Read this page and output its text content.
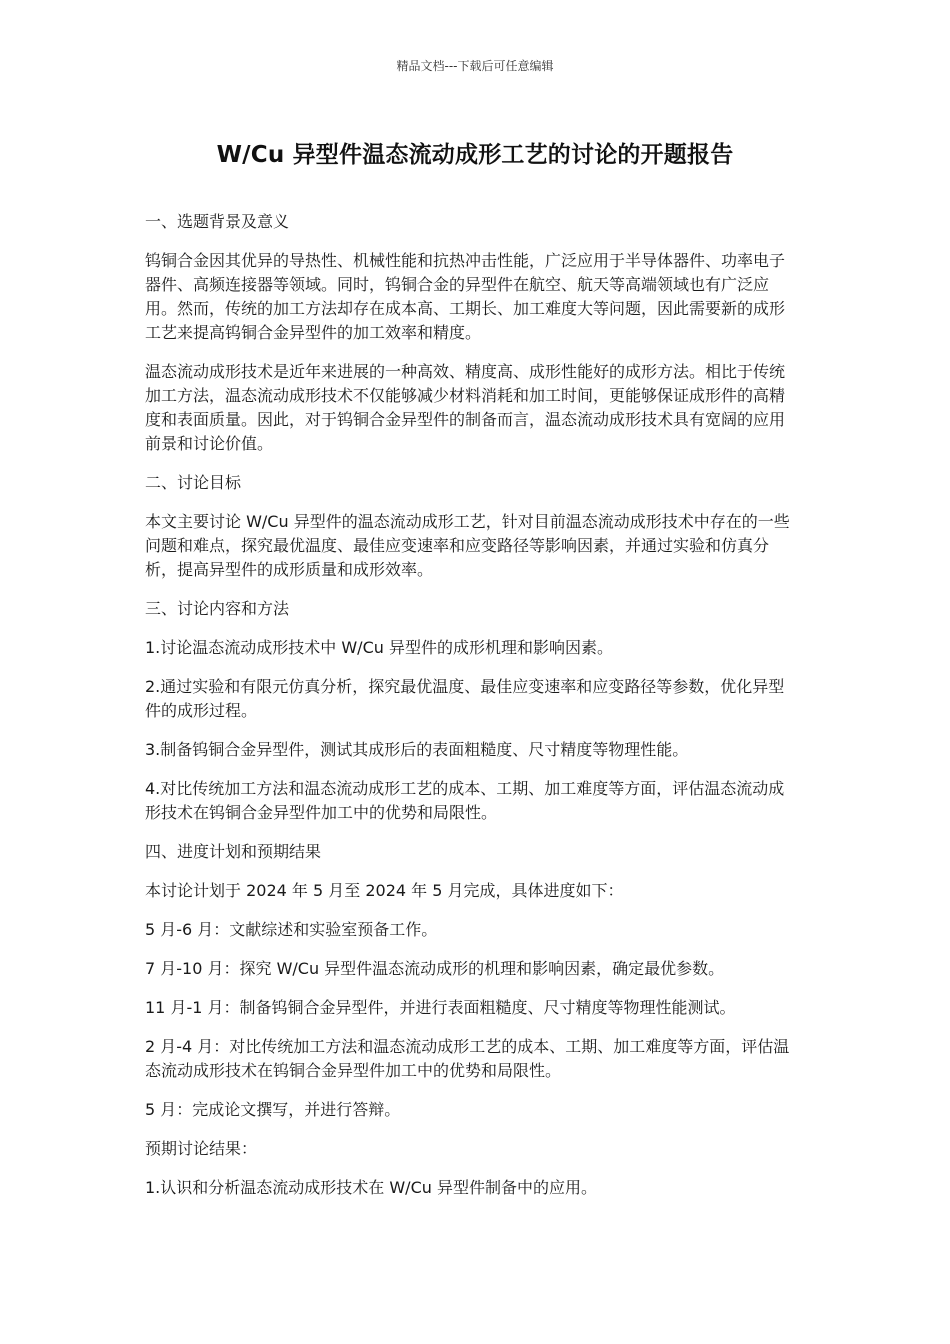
精品文档---下载后可任意编辑
W/Cu 异型件温态流动成形工艺的讨论的开题报告

一、选题背景及意义

钨铜合金因其优异的导热性、机械性能和抗热冲击性能，广泛应用于半导体器件、功率电子器件、高频连接器等领域。同时，钨铜合金的异型件在航空、航天等高端领域也有广泛应用。然而，传统的加工方法却存在成本高、工期长、加工难度大等问题，因此需要新的成形工艺来提高钨铜合金异型件的加工效率和精度。

温态流动成形技术是近年来进展的一种高效、精度高、成形性能好的成形方法。相比于传统加工方法，温态流动成形技术不仅能够减少材料消耗和加工时间，更能够保证成形件的高精度和表面质量。因此，对于钨铜合金异型件的制备而言，温态流动成形技术具有宽阔的应用前景和讨论价值。

二、讨论目标

本文主要讨论 W/Cu 异型件的温态流动成形工艺，针对目前温态流动成形技术中存在的一些问题和难点，探究最优温度、最佳应变速率和应变路径等影响因素，并通过实验和仿真分析，提高异型件的成形质量和成形效率。

三、讨论内容和方法

1.讨论温态流动成形技术中 W/Cu 异型件的成形机理和影响因素。

2.通过实验和有限元仿真分析，探究最优温度、最佳应变速率和应变路径等参数，优化异型件的成形过程。

3.制备钨铜合金异型件，测试其成形后的表面粗糙度、尺寸精度等物理性能。

4.对比传统加工方法和温态流动成形工艺的成本、工期、加工难度等方面，评估温态流动成形技术在钨铜合金异型件加工中的优势和局限性。

四、进度计划和预期结果

本讨论计划于 2024 年 5 月至 2024 年 5 月完成，具体进度如下：

5 月-6 月：文献综述和实验室预备工作。

7 月-10 月：探究 W/Cu 异型件温态流动成形的机理和影响因素，确定最优参数。

11 月-1 月：制备钨铜合金异型件，并进行表面粗糙度、尺寸精度等物理性能测试。

2 月-4 月：对比传统加工方法和温态流动成形工艺的成本、工期、加工难度等方面，评估温态流动成形技术在钨铜合金异型件加工中的优势和局限性。

5 月：完成论文撰写，并进行答辩。

预期讨论结果：

1.认识和分析温态流动成形技术在 W/Cu 异型件制备中的应用。
